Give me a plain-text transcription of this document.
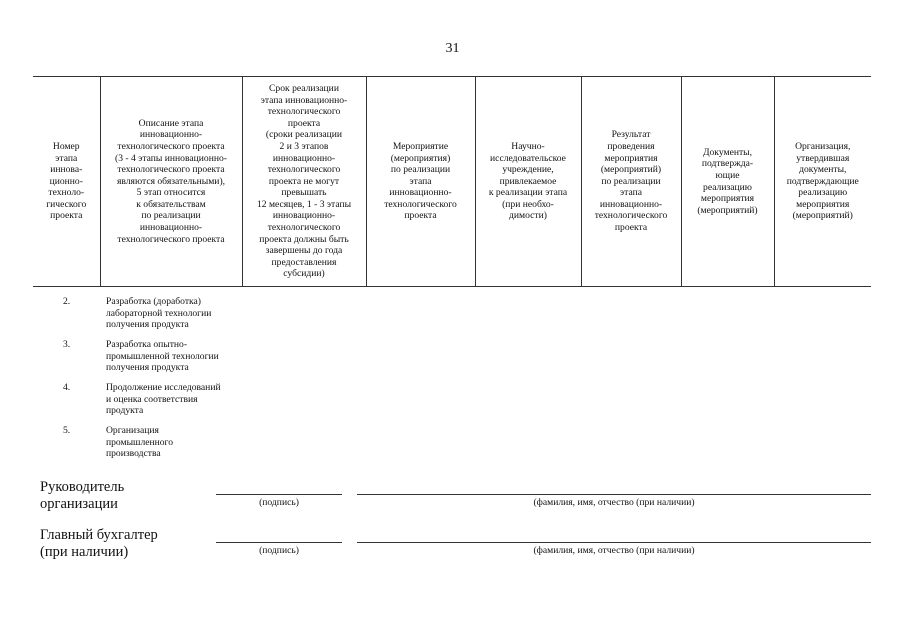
31
Номер
этапа
иннова-
ционно-
техноло-
гического
проекта	Описание этапа
инновационно-
технологического проекта
(3 - 4 этапы инновационно-
технологического проекта
являются обязательными),
5 этап относится
к обязательствам
по реализации
инновационно-
технологического проекта	Срок реализации
этапа инновационно-
технологического
проекта
(сроки реализации
2 и 3 этапов
инновационно-
технологического
проекта не могут
превышать
12 месяцев, 1 - 3 этапы
инновационно-
технологического
проекта должны быть
завершены до года
предоставления
субсидии)	Мероприятие
(мероприятия)
по реализации
этапа
инновационно-
технологического
проекта	Научно-
исследовательское
учреждение,
привлекаемое
к реализации этапа
(при необхо-
димости)	Результат
проведения
мероприятия
(мероприятий)
по реализации
этапа
инновационно-
технологического
проекта	Документы,
подтвержда-
ющие
реализацию
мероприятия
(мероприятий)	Организация,
утвердившая
документы,
подтверждающие
реализацию
мероприятия
(мероприятий)
2.	Разработка (доработка)
лабораторной технологии
получения продукта
3.	Разработка опытно-
промышленной технологии
получения продукта
4.	Продолжение исследований
и оценка соответствия
продукта
5.	Организация
промышленного
производства
Руководитель
организации	(подпись)	(фамилия, имя, отчество (при наличии)
Главный бухгалтер
(при наличии)	(подпись)	(фамилия, имя, отчество (при наличии)
